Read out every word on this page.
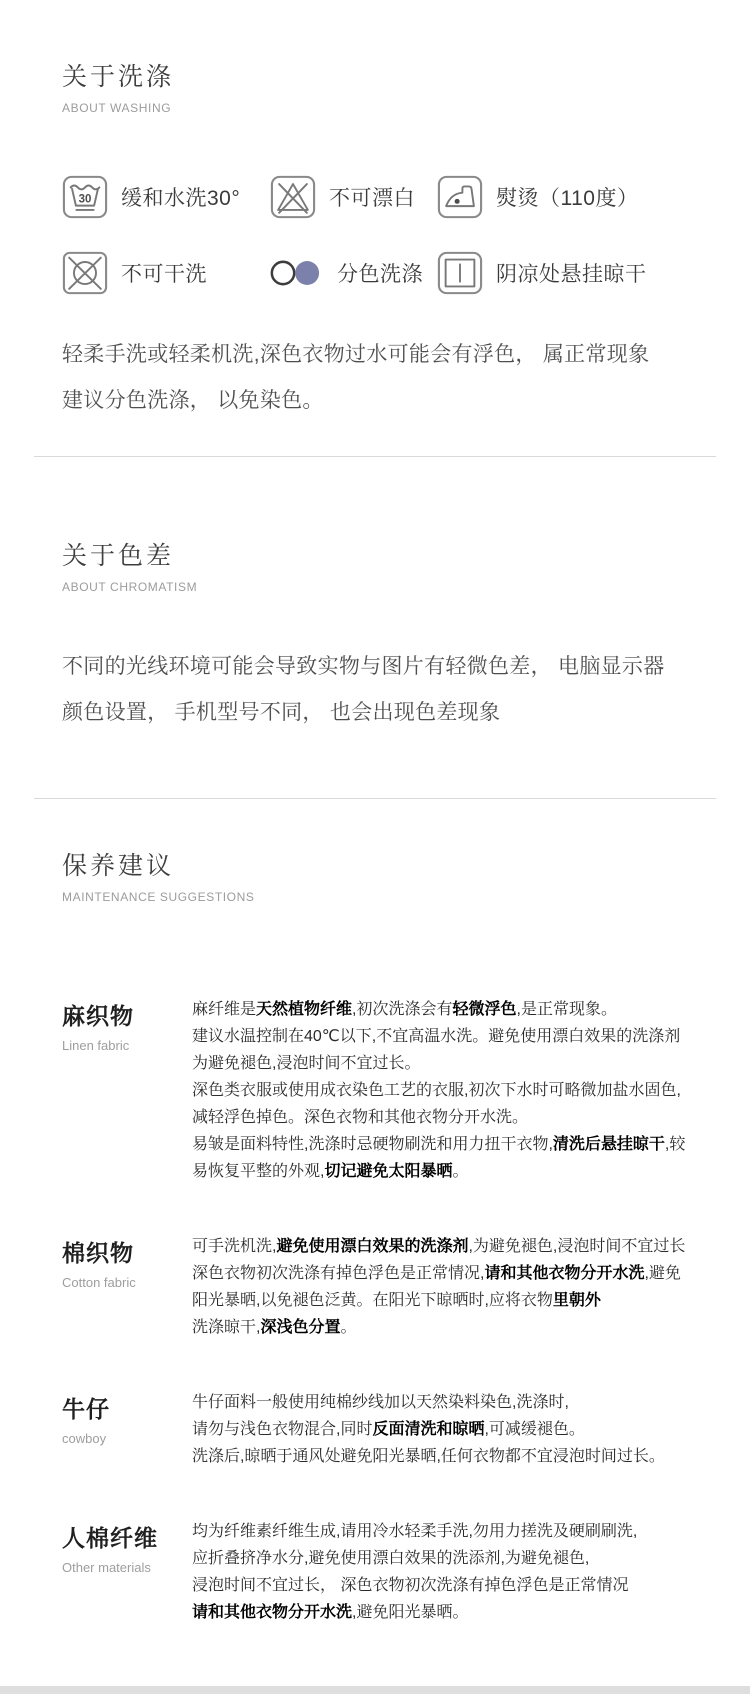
关于洗涤
ABOUT WASHING
30 缓和水洗30°	不可漂白	熨烫（110度）
不可干洗	分色洗涤	阴凉处悬挂晾干
轻柔手洗或轻柔机洗,深色衣物过水可能会有浮色， 属正常现象
建议分色洗涤， 以免染色。
关于色差
ABOUT CHROMATISM
不同的光线环境可能会导致实物与图片有轻微色差， 电脑显示器
颜色设置， 手机型号不同， 也会出现色差现象
保养建议
MAINTENANCE SUGGESTIONS
麻织物
Linen fabric
麻纤维是天然植物纤维,初次洗涤会有轻微浮色,是正常现象。
建议水温控制在40℃以下,不宜高温水洗。避免使用漂白效果的洗涤剂
为避免褪色,浸泡时间不宜过长。
深色类衣服或使用成衣染色工艺的衣服,初次下水时可略微加盐水固色,
减轻浮色掉色。深色衣物和其他衣物分开水洗。
易皱是面料特性,洗涤时忌硬物刷洗和用力扭干衣物,清洗后悬挂晾干,较
易恢复平整的外观,切记避免太阳暴晒。
棉织物
Cotton fabric
可手洗机洗,避免使用漂白效果的洗涤剂,为避免褪色,浸泡时间不宜过长
深色衣物初次洗涤有掉色浮色是正常情况,请和其他衣物分开水洗,避免
阳光暴晒,以免褪色泛黄。在阳光下晾晒时,应将衣物里朝外
洗涤晾干,深浅色分置。
牛仔
cowboy
牛仔面料一般使用纯棉纱线加以天然染料染色,洗涤时,
请勿与浅色衣物混合,同时反面清洗和晾晒,可减缓褪色。
洗涤后,晾晒于通风处避免阳光暴晒,任何衣物都不宜浸泡时间过长。
人棉纤维
Other materials
均为纤维素纤维生成,请用冷水轻柔手洗,勿用力搓洗及硬刷刷洗,
应折叠挤净水分,避免使用漂白效果的洗添剂,为避免褪色,
浸泡时间不宜过长， 深色衣物初次洗涤有掉色浮色是正常情况
请和其他衣物分开水洗,避免阳光暴晒。
